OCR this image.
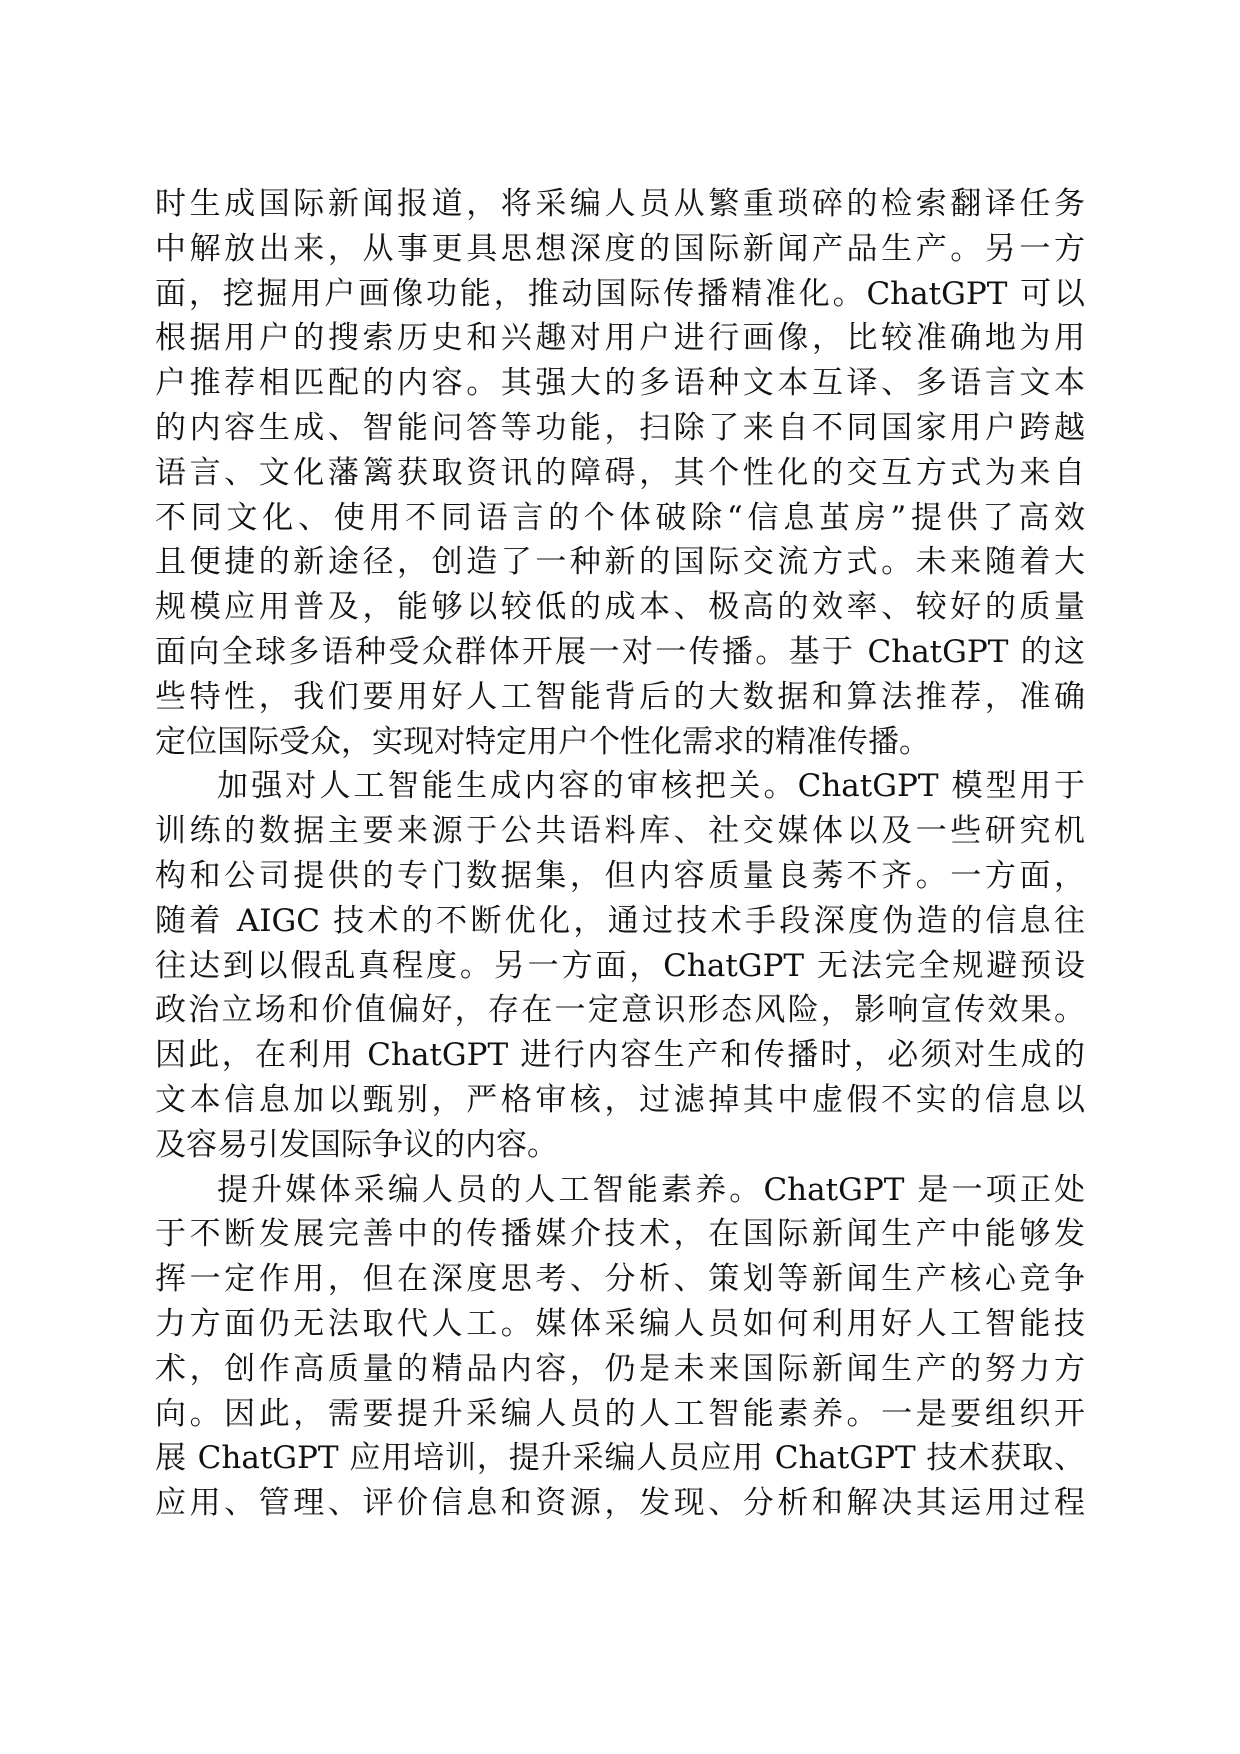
时生成国际新闻报道，将采编人员从繁重琐碎的检索翻译任务
中解放出来，从事更具思想深度的国际新闻产品生产。另一方
面，挖掘用户画像功能，推动国际传播精准化。ChatGPT 可以
根据用户的搜索历史和兴趣对用户进行画像，比较准确地为用
户推荐相匹配的内容。其强大的多语种文本互译、多语言文本
的内容生成、智能问答等功能，扫除了来自不同国家用户跨越
语言、文化藩篱获取资讯的障碍，其个性化的交互方式为来自
不同文化、使用不同语言的个体破除“信息茧房”提供了高效
且便捷的新途径，创造了一种新的国际交流方式。未来随着大
规模应用普及，能够以较低的成本、极高的效率、较好的质量
面向全球多语种受众群体开展一对一传播。基于 ChatGPT 的这
些特性，我们要用好人工智能背后的大数据和算法推荐，准确
定位国际受众，实现对特定用户个性化需求的精准传播。
加强对人工智能生成内容的审核把关。ChatGPT 模型用于
训练的数据主要来源于公共语料库、社交媒体以及一些研究机
构和公司提供的专门数据集，但内容质量良莠不齐。一方面，
随着 AIGC 技术的不断优化，通过技术手段深度伪造的信息往
往达到以假乱真程度。另一方面，ChatGPT 无法完全规避预设
政治立场和价值偏好，存在一定意识形态风险，影响宣传效果。
因此，在利用 ChatGPT 进行内容生产和传播时，必须对生成的
文本信息加以甄别，严格审核，过滤掉其中虚假不实的信息以
及容易引发国际争议的内容。
提升媒体采编人员的人工智能素养。ChatGPT 是一项正处
于不断发展完善中的传播媒介技术，在国际新闻生产中能够发
挥一定作用，但在深度思考、分析、策划等新闻生产核心竞争
力方面仍无法取代人工。媒体采编人员如何利用好人工智能技
术，创作高质量的精品内容，仍是未来国际新闻生产的努力方
向。因此，需要提升采编人员的人工智能素养。一是要组织开
展 ChatGPT 应用培训，提升采编人员应用 ChatGPT 技术获取、
应用、管理、评价信息和资源，发现、分析和解决其运用过程
